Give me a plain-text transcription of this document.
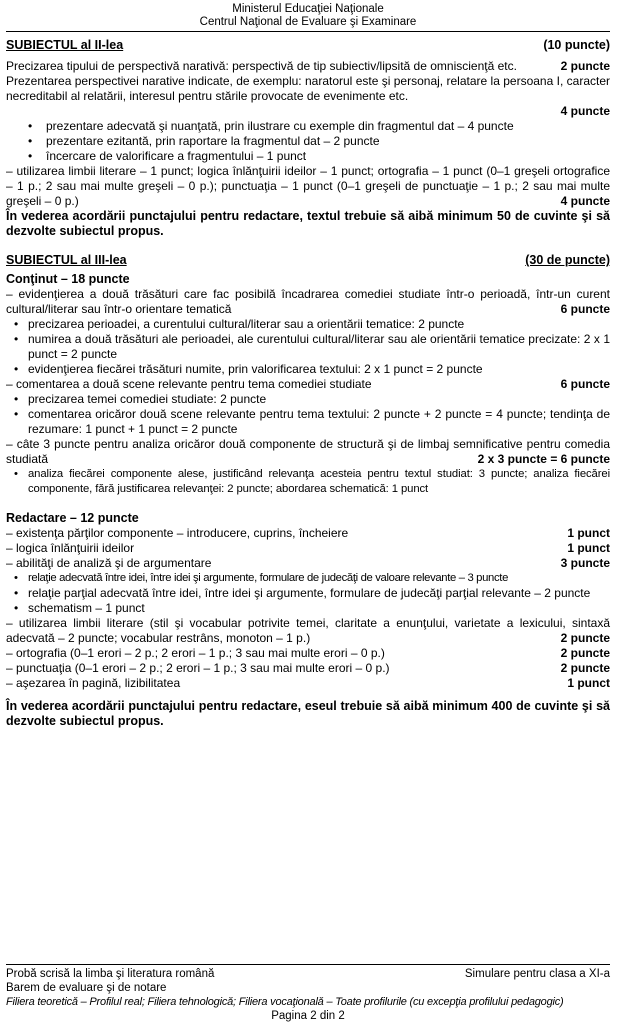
Ministerul Educaţiei Naţionale
Centrul Naţional de Evaluare şi Examinare
SUBIECTUL al II-lea	(10 puncte)
Precizarea tipului de perspectivă narativă: perspectivă de tip subiectiv/lipsită de omniscienţă etc.	2 puncte

Prezentarea perspectivei narative indicate, de exemplu: naratorul este şi personaj, relatare la persoana I, caracter necreditabil al relatării, interesul pentru stările provocate de evenimente etc.

4 puncte

• prezentare adecvată şi nuanţată, prin ilustrare cu exemple din fragmentul dat – 4 puncte
• prezentare ezitantă, prin raportare la fragmentul dat – 2 puncte
• încercare de valorificare a fragmentului – 1 punct

– utilizarea limbii literare – 1 punct; logica înlănţuirii ideilor – 1 punct; ortografia – 1 punct (0–1 greşeli ortografice – 1 p.; 2 sau mai multe greşeli – 0 p.); punctuaţia – 1 punct (0–1 greşeli de punctuaţie – 1 p.; 2 sau mai multe greşeli – 0 p.)	4 puncte

În vederea acordării punctajului pentru redactare, textul trebuie să aibă minimum 50 de cuvinte şi să dezvolte subiectul propus.

SUBIECTUL al III-lea	(30 de puncte)

Conţinut – 18 puncte

– evidenţierea a două trăsături care fac posibilă încadrarea comediei studiate într-o perioadă, într-un curent cultural/literar sau într-o orientare tematică	6 puncte

• precizarea perioadei, a curentului cultural/literar sau a orientării tematice: 2 puncte
• numirea a două trăsături ale perioadei, ale curentului cultural/literar sau ale orientării tematice precizate: 2 x 1 punct = 2 puncte
• evidenţierea fiecărei trăsături numite, prin valorificarea textului: 2 x 1 punct = 2 puncte
– comentarea a două scene relevante pentru tema comediei studiate	6 puncte
• precizarea temei comediei studiate: 2 puncte
• comentarea oricăror două scene relevante pentru tema textului: 2 puncte + 2 puncte = 4 puncte; tendinţa de rezumare: 1 punct + 1 punct = 2 puncte

– câte 3 puncte pentru analiza oricăror două componente de structură şi de limbaj semnificative pentru comedia studiată	2 x 3 puncte = 6 puncte

• analiza fiecărei componente alese, justificând relevanţa acesteia pentru textul studiat: 3 puncte; analiza fiecărei componente, fără justificarea relevanţei: 2 puncte; abordarea schematică: 1 punct

Redactare – 12 puncte

– existenţa părţilor componente – introducere, cuprins, încheiere	1 punct
– logica înlănţuirii ideilor	1 punct
– abilităţi de analiză şi de argumentare	3 puncte
• relaţie adecvată între idei, între idei şi argumente, formulare de judecăţi de valoare relevante – 3 puncte
• relaţie parţial adecvată între idei, între idei şi argumente, formulare de judecăţi parţial relevante – 2 puncte
• schematism – 1 punct

– utilizarea limbii literare (stil şi vocabular potrivite temei, claritate a enunţului, varietate a lexicului, sintaxă adecvată – 2 puncte; vocabular restrâns, monoton – 1 p.)	2 puncte

– ortografia (0–1 erori – 2 p.; 2 erori – 1 p.; 3 sau mai multe erori – 0 p.)	2 puncte
– punctuaţia (0–1 erori – 2 p.; 2 erori – 1 p.; 3 sau mai multe erori – 0 p.)	2 puncte
– aşezarea în pagină, lizibilitatea	1 punct

În vederea acordării punctajului pentru redactare, eseul trebuie să aibă minimum 400 de cuvinte şi să dezvolte subiectul propus.

Probă scrisă la limba şi literatura română	Simulare pentru clasa a XI-a
Barem de evaluare şi de notare
Filiera teoretică – Profilul real; Filiera tehnologică; Filiera vocaţională – Toate profilurile (cu excepţia profilului pedagogic)
Pagina 2 din 2
